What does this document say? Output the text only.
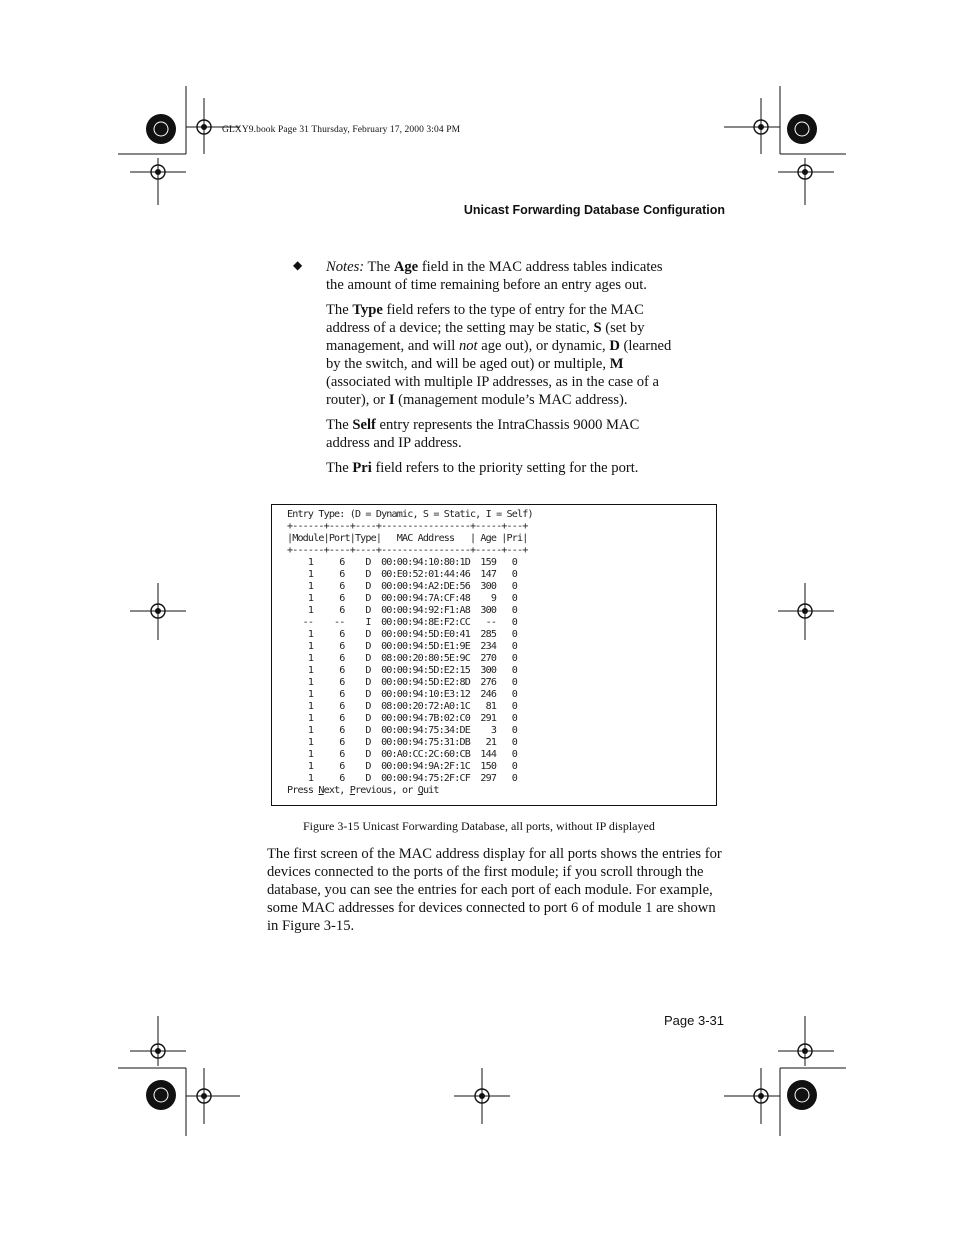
GLXY9.book Page 31 Thursday, February 17, 2000 3:04 PM
Unicast Forwarding Database Configuration
◆ Notes: The Age field in the MAC address tables indicates the amount of time remaining before an entry ages out.

The Type field refers to the type of entry for the MAC address of a device; the setting may be static, S (set by management, and will not age out), or dynamic, D (learned by the switch, and will be aged out) or multiple, M (associated with multiple IP addresses, as in the case of a router), or I (management module’s MAC address).

The Self entry represents the IntraChassis 9000 MAC address and IP address.

The Pri field refers to the priority setting for the port.

Entry Type: (D = Dynamic, S = Static, I = Self)
+------+----+----+-----------------+-----+---+
|Module|Port|Type|   MAC Address   | Age |Pri|
+------+----+----+-----------------+-----+---+
1     6    D  00:00:94:10:80:1D  159   0
1     6    D  00:E0:52:01:44:46  147   0
1     6    D  00:00:94:A2:DE:56  300   0
1     6    D  00:00:94:7A:CF:48    9   0
1     6    D  00:00:94:92:F1:A8  300   0
--    --    I  00:00:94:8E:F2:CC   --   0
1     6    D  00:00:94:5D:E0:41  285   0
1     6    D  00:00:94:5D:E1:9E  234   0
1     6    D  08:00:20:80:5E:9C  270   0
1     6    D  00:00:94:5D:E2:15  300   0
1     6    D  00:00:94:5D:E2:8D  276   0
1     6    D  00:00:94:10:E3:12  246   0
1     6    D  08:00:20:72:A0:1C   81   0
1     6    D  00:00:94:7B:02:C0  291   0
1     6    D  00:00:94:75:34:DE    3   0
1     6    D  00:00:94:75:31:DB   21   0
1     6    D  00:A0:CC:2C:60:CB  144   0
1     6    D  00:00:94:9A:2F:1C  150   0
1     6    D  00:00:94:75:2F:CF  297   0
Press Next, Previous, or Quit
Figure 3-15 Unicast Forwarding Database, all ports, without IP displayed
The first screen of the MAC address display for all ports shows the entries for devices connected to the ports of the first module; if you scroll through the database, you can see the entries for each port of each module. For example, some MAC addresses for devices connected to port 6 of module 1 are shown in Figure 3-15.
Page 3-31
